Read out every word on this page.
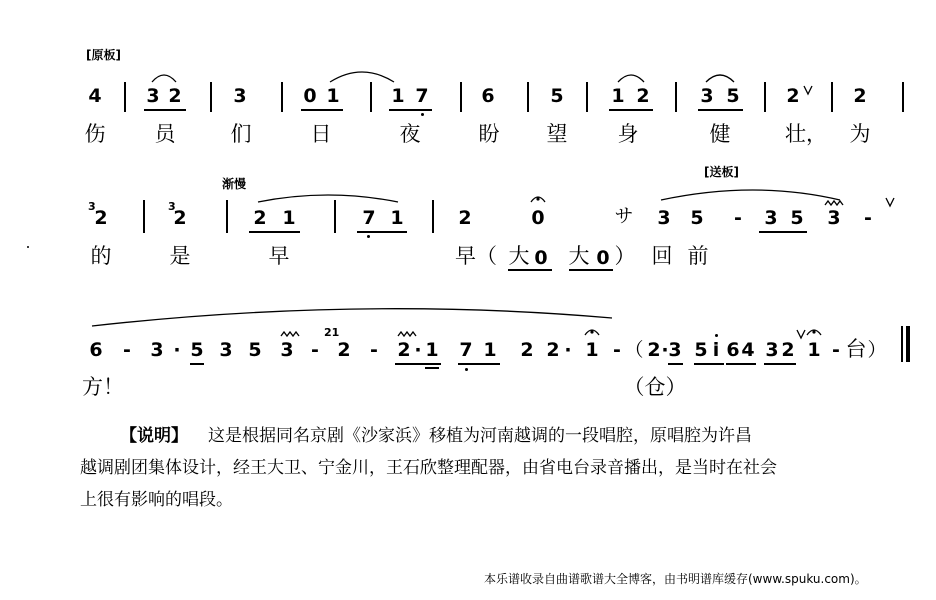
[原板]
渐慢
[送板]
4 3 2	3	0 1	1 7	6	5	1 2	3 5 2	2
伤 员	们	日	夜	盼 望 身	健	壮， 为
3	3
2	2	2 1	7 1	2	0	サ 3 5 - 3 5 3 -
的	是	早	早（ 大 0 大 0 ） 回 前
6 - 3 · 5 3 5 3 -
21
2 - 2 · 1 7 1 2 2 · 1 - （ 2 · 3 5 i 6 4 3 2 1 - 台 ）
方！	（仓）
【说明】 这是根据同名京剧《沙家浜》移植为河南越调的一段唱腔，原唱腔为许昌
越调剧团集体设计，经王大卫、宁金川，王石欣整理配器，由省电台录音播出，是当时在社会
上很有影响的唱段。
本乐谱收录自曲谱歌谱大全博客，由书明谱库缓存(www.spuku.com)。
